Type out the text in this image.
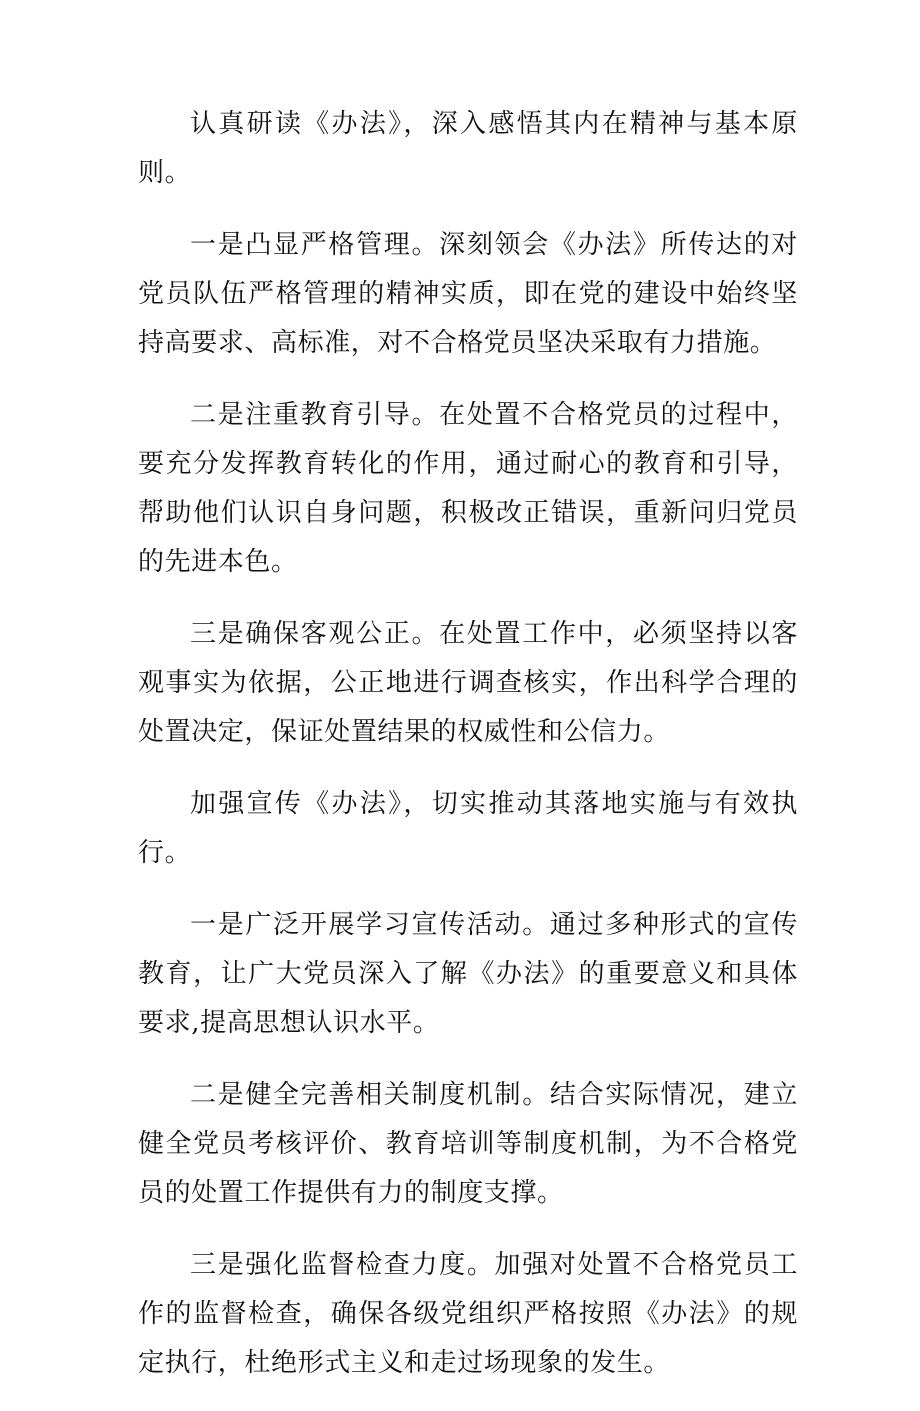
认真研读《办法》，深入感悟其内在精神与基本原则。

一是凸显严格管理。深刻领会《办法》所传达的对党员队伍严格管理的精神实质，即在党的建设中始终坚持高要求、高标准，对不合格党员坚决采取有力措施。

二是注重教育引导。在处置不合格党员的过程中，要充分发挥教育转化的作用，通过耐心的教育和引导，帮助他们认识自身问题，积极改正错误，重新问归党员的先进本色。

三是确保客观公正。在处置工作中，必须坚持以客观事实为依据，公正地进行调查核实，作出科学合理的处置决定，保证处置结果的权威性和公信力。

加强宣传《办法》，切实推动其落地实施与有效执行。

一是广泛开展学习宣传活动。通过多种形式的宣传教育，让广大党员深入了解《办法》的重要意义和具体要求,提高思想认识水平。

二是健全完善相关制度机制。结合实际情况，建立健全党员考核评价、教育培训等制度机制，为不合格党员的处置工作提供有力的制度支撑。

三是强化监督检查力度。加强对处置不合格党员工作的监督检查，确保各级党组织严格按照《办法》的规定执行，杜绝形式主义和走过场现象的发生。
